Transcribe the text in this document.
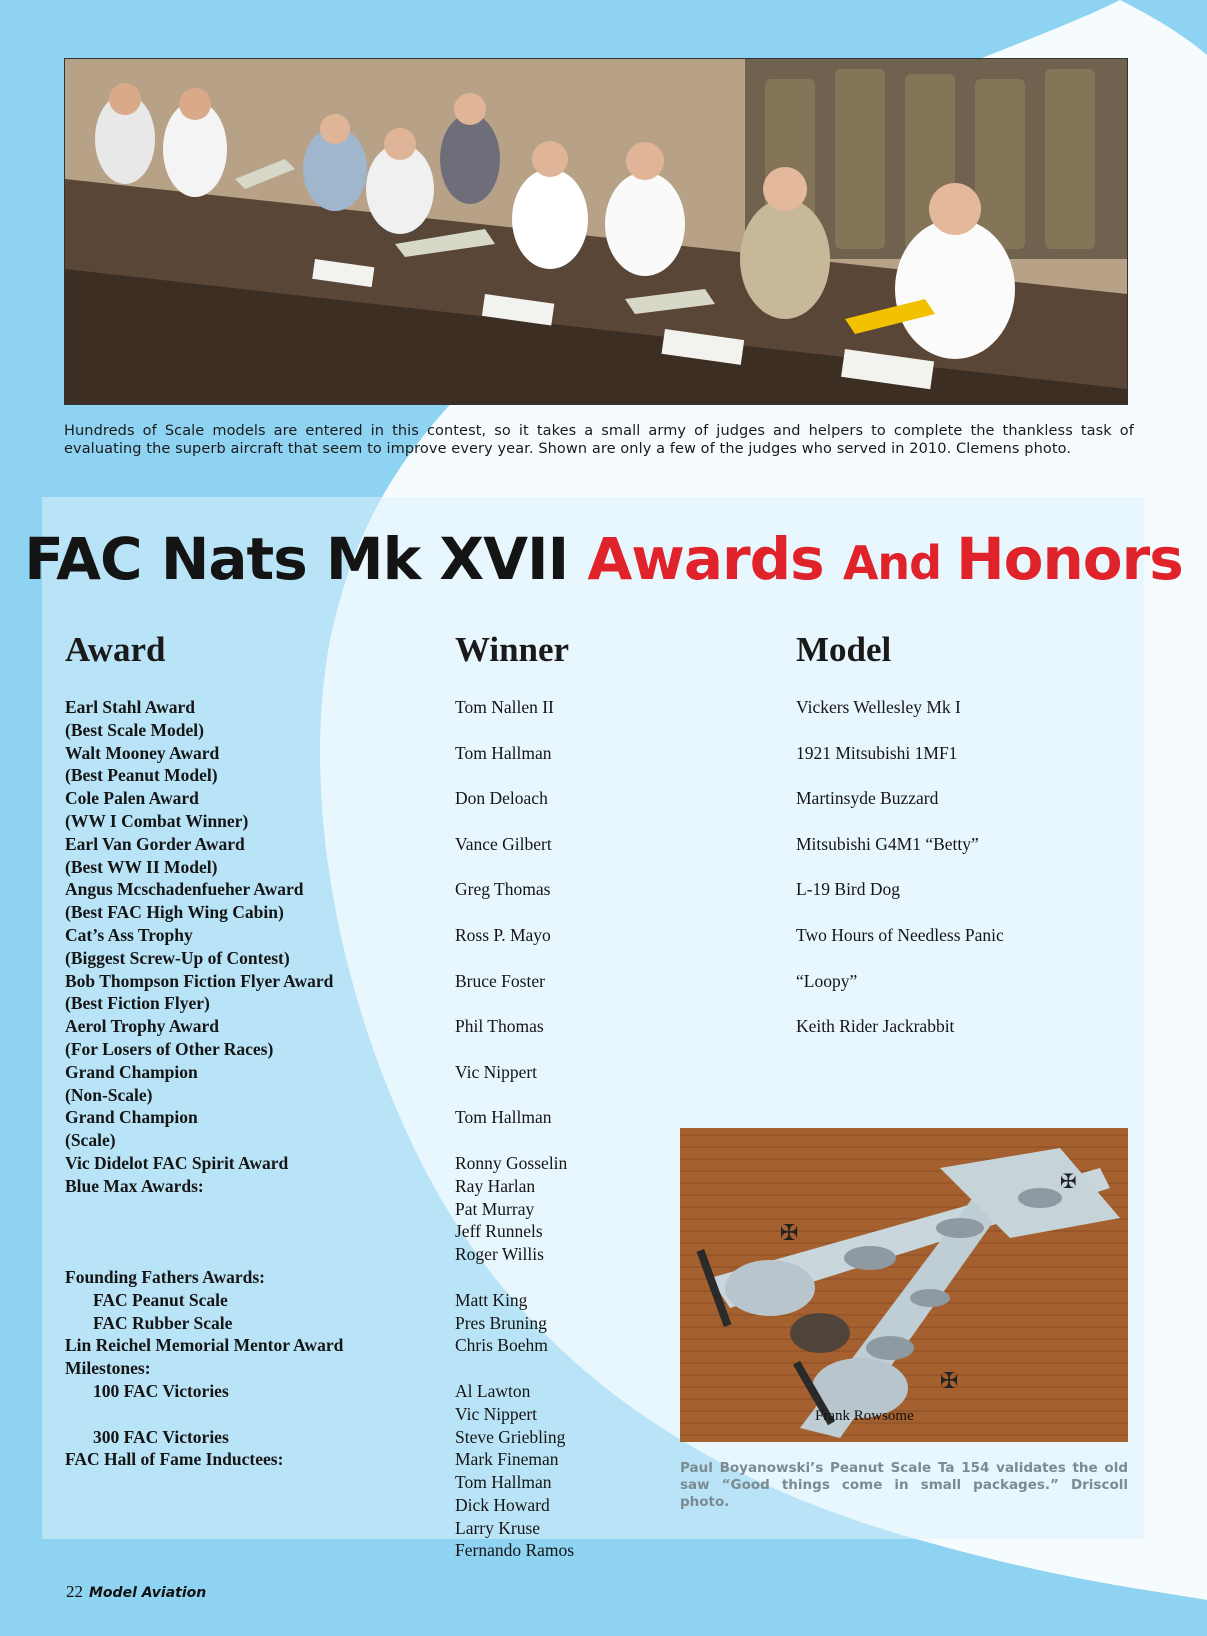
Hundreds of Scale models are entered in this contest, so it takes a small army of judges and helpers to complete the thankless task of evaluating the superb aircraft that seem to improve every year. Shown are only a few of the judges who served in 2010. Clemens photo.
FAC Nats Mk XVII Awards And Honors
Award	Winner	Model
Earl Stahl Award
(Best Scale Model)
Walt Mooney Award
(Best Peanut Model)
Cole Palen Award
(WW I Combat Winner)
Earl Van Gorder Award
(Best WW II Model)
Angus Mcschadenfueher Award
(Best FAC High Wing Cabin)
Cat’s Ass Trophy
(Biggest Screw-Up of Contest)
Bob Thompson Fiction Flyer Award
(Best Fiction Flyer)
Aerol Trophy Award
(For Losers of Other Races)
Grand Champion
(Non-Scale)
Grand Champion
(Scale)
Vic Didelot FAC Spirit Award
Blue Max Awards:
Founding Fathers Awards:
FAC Peanut Scale
FAC Rubber Scale
Lin Reichel Memorial Mentor Award
Milestones:
100 FAC Victories
300 FAC Victories
FAC Hall of Fame Inductees:
Tom Nallen II
Tom Hallman
Don Deloach
Vance Gilbert
Greg Thomas
Ross P. Mayo
Bruce Foster
Phil Thomas
Vic Nippert
Tom Hallman
Ronny Gosselin
Ray Harlan
Pat Murray
Jeff Runnels
Roger Willis
Matt King
Pres Bruning
Chris Boehm
Al Lawton
Vic Nippert
Steve Griebling
Mark Fineman
Tom Hallman
Dick Howard
Larry Kruse
Fernando Ramos
Vickers Wellesley Mk I
1921 Mitsubishi 1MF1
Martinsyde Buzzard
Mitsubishi G4M1 “Betty”
L-19 Bird Dog
Two Hours of Needless Panic
“Loopy”
Keith Rider Jackrabbit
✠
✠
✠
Frank Rowsome
Paul Boyanowski’s Peanut Scale Ta 154 validates the old saw “Good things come in small packages.” Driscoll photo.
22 Model Aviation
